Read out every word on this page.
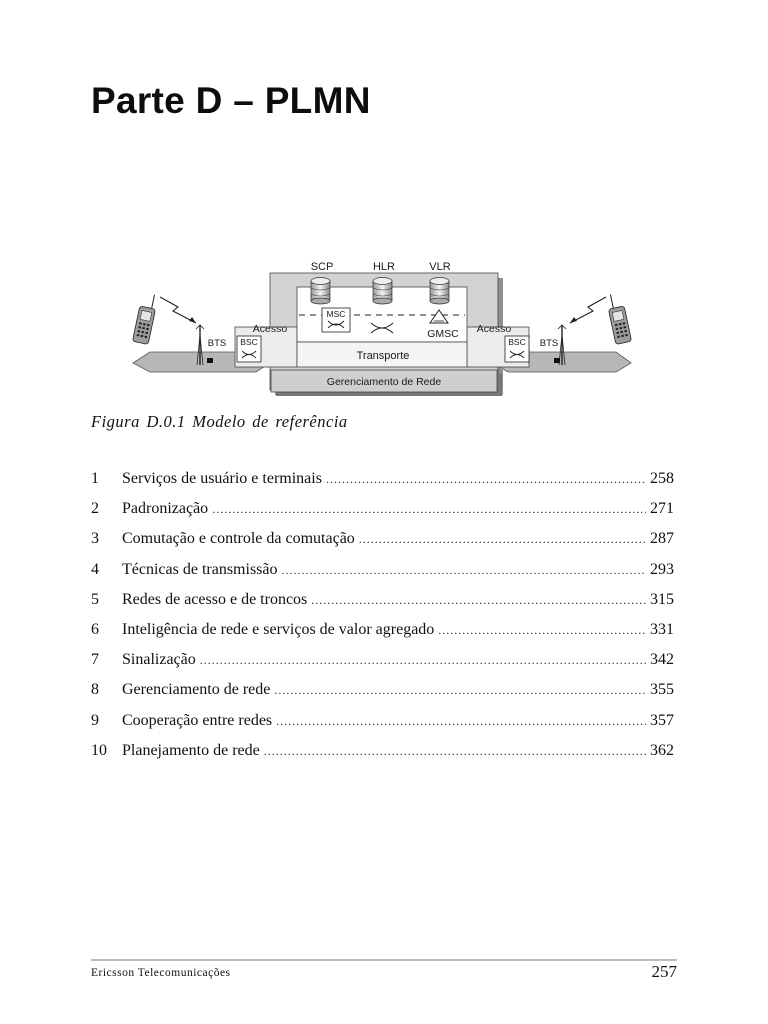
Parte D – PLMN
SCP	HLR	VLR
MSC
GMSC
Acesso	Acesso
BTS BSC	BSC BTS
Transporte
Gerenciamento de Rede

Figura D.0.1 Modelo de referência

1	Serviços de usuário e terminais .....	258
2	Padronização .....	271
3	Comutação e controle da comutação .....	287
4	Técnicas de transmissão .....	293
5	Redes de acesso e de troncos .....	315
6	Inteligência de rede e serviços de valor agregado .....	331
7	Sinalização .....	342
8	Gerenciamento de rede .....	355
9	Cooperação entre redes .....	357
10 Planejamento de rede .....	362
Ericsson Telecomunicações	257
